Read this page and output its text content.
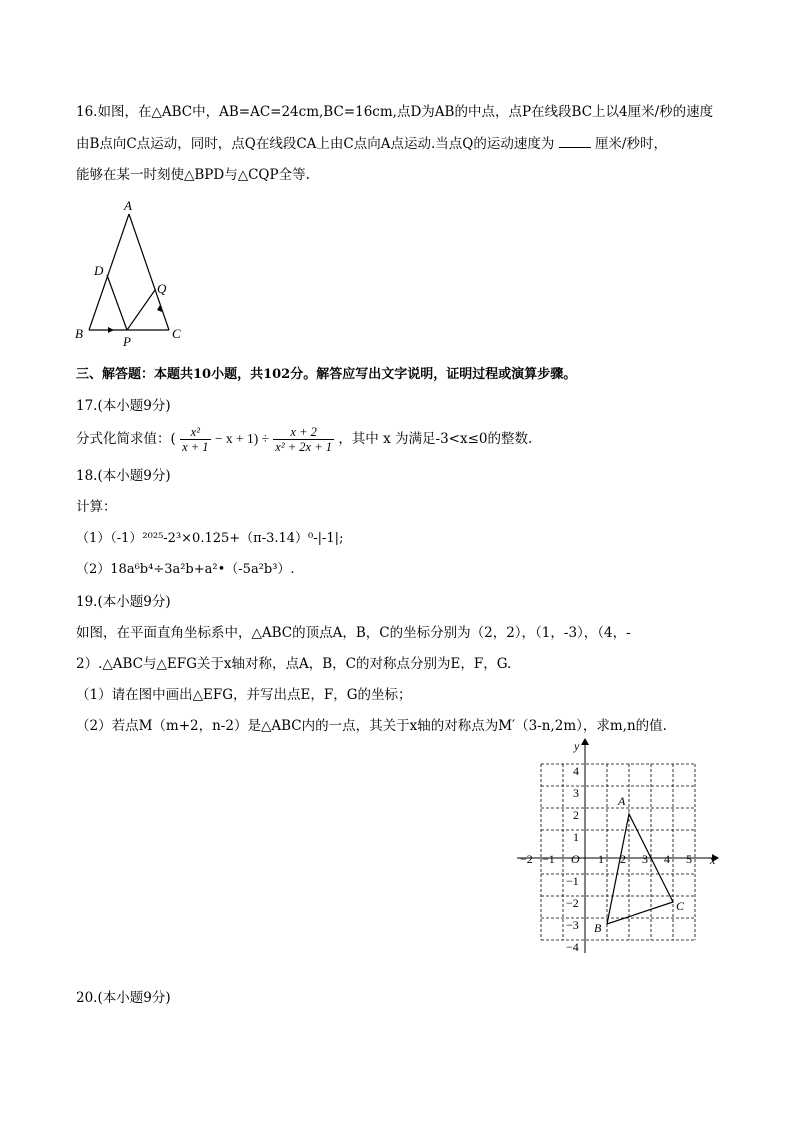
16.如图，在△ABC中，AB=AC=24cm,BC=16cm,点D为AB的中点，点P在线段BC上以4厘米/秒的速度
由B点向C点运动，同时，点Q在线段CA上由C点向A点运动.当点Q的运动速度为	厘米/秒时，
能够在某一时刻使△BPD与△CQP全等.
A
B	C
D
P
Q
三、解答题：本题共10小题，共102分。解答应写出文字说明，证明过程或演算步骤。
17.(本小题9分)
分式化简求值：( $\frac{\text{x²}}{x + 1} - x + 1) \div \frac{x + 2}{\text{x² + 2x + 1}}$ ，其中 x 为满足-3<x≤0的整数.
18.(本小题9分)
计算：
（1）（-1）²⁰²⁵-2³×0.125+（π-3.14）⁰-|-1|;
（2）18a⁶b⁴÷3a²b+a²•（-5a²b³）.
19.(本小题9分)
如图，在平面直角坐标系中，△ABC的顶点A，B，C的坐标分别为（2，2），（1，-3），（4，-
2）.△ABC与△EFG关于x轴对称，点A，B，C的对称点分别为E，F，G.
（1）请在图中画出△EFG，并写出点E，F，G的坐标；
（2）若点M（m+2，n-2）是△ABC内的一点，其关于x轴的对称点为M′（3-n,2m），求m,n的值.
x
y
O
−2 −1	1 2 3 4 5
4
3
2
1
−1
−2
−3
−4
A
B
C
20.(本小题9分)
